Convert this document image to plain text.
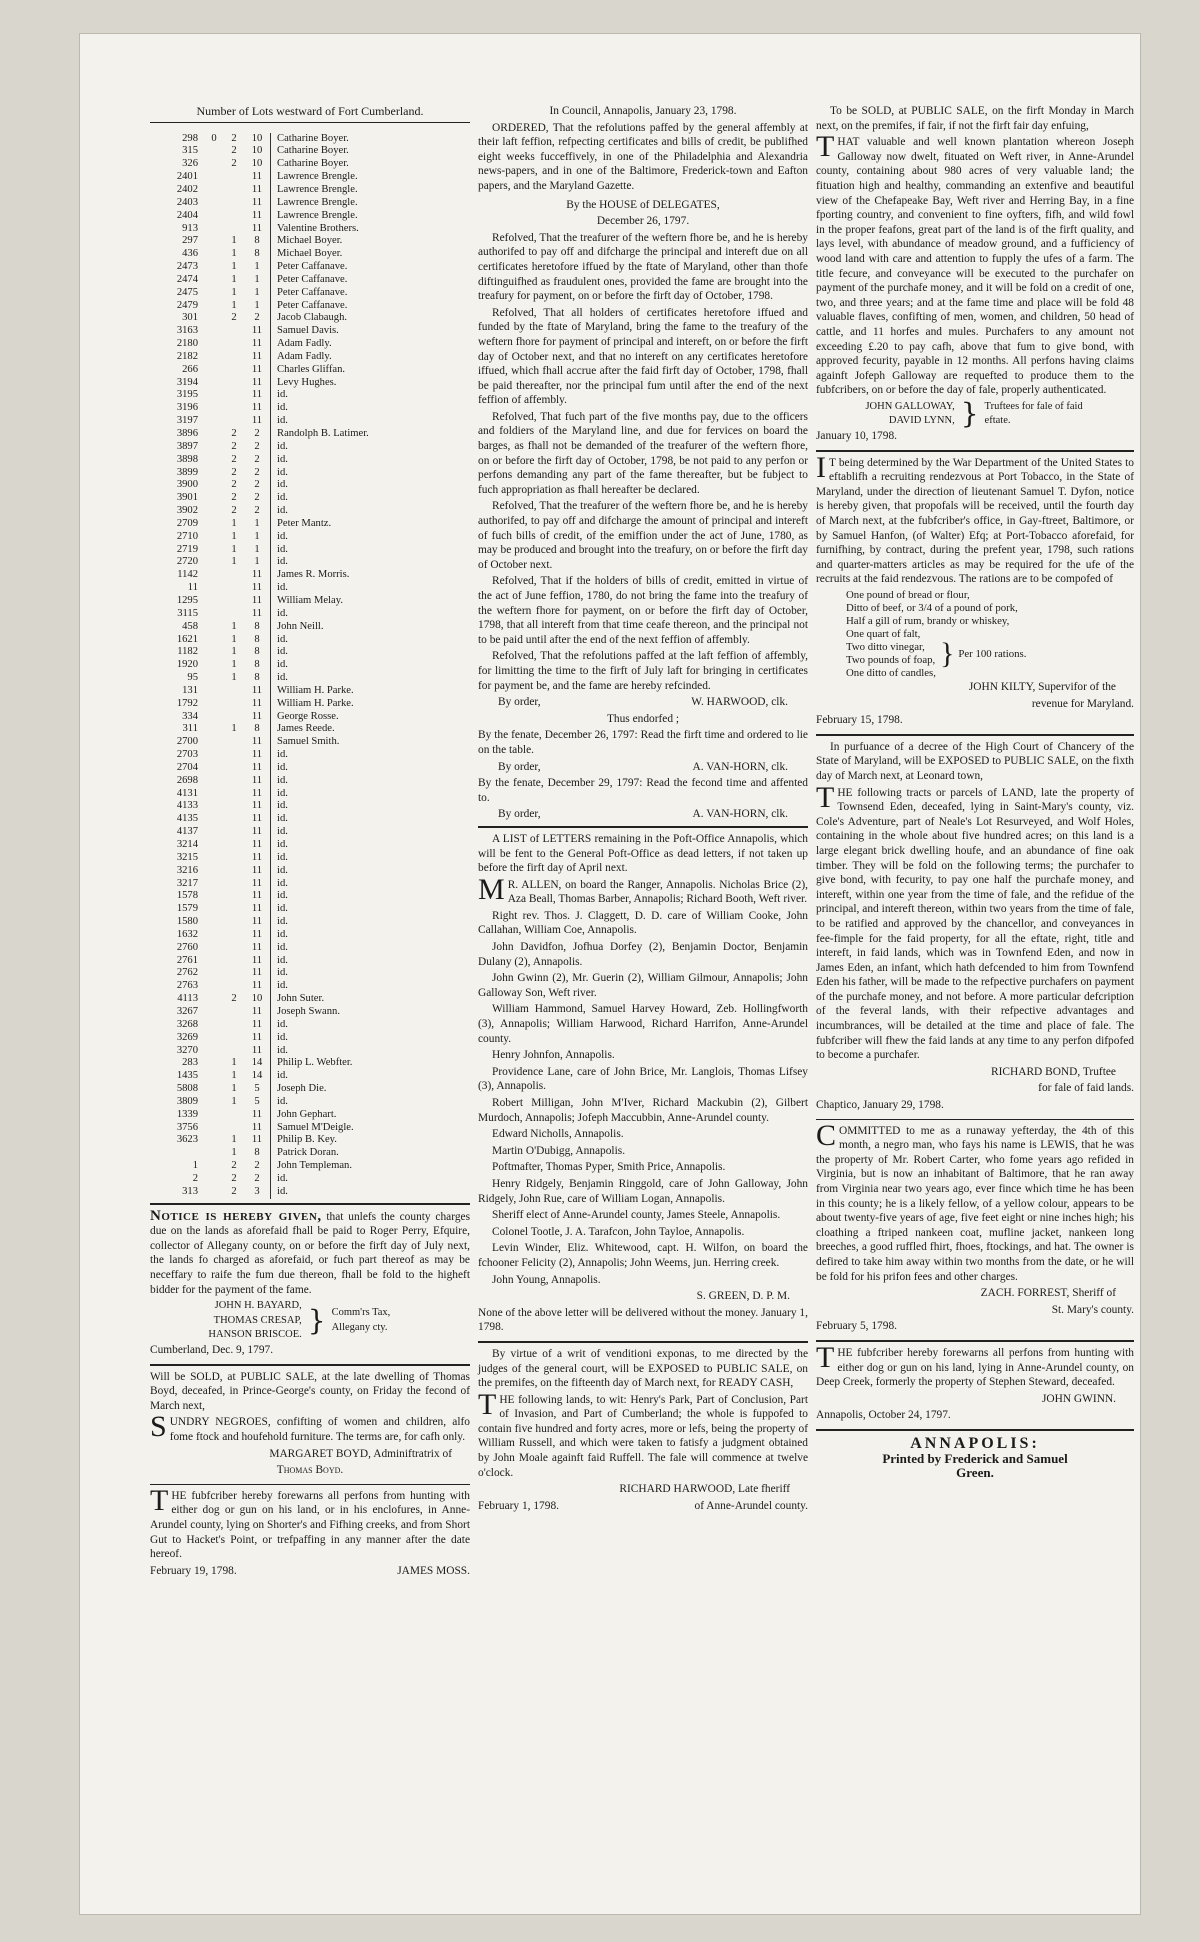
Number of Lots westward of Fort Cumberland.
298	0	2	10	Catharine Boyer.
315		2	10	Catharine Boyer.
326		2	10	Catharine Boyer.
2401			11	Lawrence Brengle.
2402			11	Lawrence Brengle.
2403			11	Lawrence Brengle.
2404			11	Lawrence Brengle.
913			11	Valentine Brothers.
297		1	8	Michael Boyer.
436		1	8	Michael Boyer.
2473		1	1	Peter Caffanave.
2474		1	1	Peter Caffanave.
2475		1	1	Peter Caffanave.
2479		1	1	Peter Caffanave.
301		2	2	Jacob Clabaugh.
3163			11	Samuel Davis.
2180			11	Adam Fadly.
2182			11	Adam Fadly.
266			11	Charles Gliffan.
3194			11	Levy Hughes.
3195			11	id.
3196			11	id.
3197			11	id.
3896		2	2	Randolph B. Latimer.
3897		2	2	id.
3898		2	2	id.
3899		2	2	id.
3900		2	2	id.
3901		2	2	id.
3902		2	2	id.
2709		1	1	Peter Mantz.
2710		1	1	id.
2719		1	1	id.
2720		1	1	id.
1142			11	James R. Morris.
11			11	id.
1295			11	William Melay.
3115			11	id.
458		1	8	John Neill.
1621		1	8	id.
1182		1	8	id.
1920		1	8	id.
95		1	8	id.
131			11	William H. Parke.
1792			11	William H. Parke.
334			11	George Rosse.
311		1	8	James Reede.
2700			11	Samuel Smith.
2703			11	id.
2704			11	id.
2698			11	id.
4131			11	id.
4133			11	id.
4135			11	id.
4137			11	id.
3214			11	id.
3215			11	id.
3216			11	id.
3217			11	id.
1578			11	id.
1579			11	id.
1580			11	id.
1632			11	id.
2760			11	id.
2761			11	id.
2762			11	id.
2763			11	id.
4113		2	10	John Suter.
3267			11	Joseph Swann.
3268			11	id.
3269			11	id.
3270			11	id.
283		1	14	Philip L. Webfter.
1435		1	14	id.
5808		1	5	Joseph Die.
3809		1	5	id.
1339			11	John Gephart.
3756			11	Samuel M'Deigle.
3623		1	11	Philip B. Key.
		1	8	Patrick Doran.
1		2	2	John Templeman.
2		2	2	id.
313		2	3	id.

Notice is hereby given, that unlefs the county charges due on the lands as aforefaid fhall be paid to Roger Perry, Efquire, collector of Allegany county, on or before the firft day of July next, the lands fo charged as aforefaid, or fuch part thereof as may be neceffary to raife the fum due thereon, fhall be fold to the higheft bidder for the payment of the fame.

JOHN H. BAYARD,
THOMAS CRESAP,
HANSON BRISCOE. } Comm'rs Tax, Allegany cty.

Cumberland, Dec. 9, 1797.

Will be SOLD, at PUBLIC SALE, at the late dwelling of Thomas Boyd, deceafed, in Prince-George's county, on Friday the fecond of March next,

SUNDRY NEGROES, confifting of women and children, alfo fome ftock and houfehold furniture. The terms are, for cafh only.

MARGARET BOYD, Adminiftratrix of

Thomas Boyd.

THE fubfcriber hereby forewarns all perfons from hunting with either dog or gun on his land, or in his enclofures, in Anne-Arundel county, lying on Shorter's and Fifhing creeks, and from Short Gut to Hacket's Point, or trefpaffing in any manner after the date hereof.

February 19, 1798.	JAMES MOSS.

In Council, Annapolis, January 23, 1798.

ORDERED, That the refolutions paffed by the general affembly at their laft feffion, refpecting certificates and bills of credit, be publifhed eight weeks fucceffively, in one of the Philadelphia and Alexandria news-papers, and in one of the Baltimore, Frederick-town and Eafton papers, and the Maryland Gazette.

By the HOUSE of DELEGATES,

December 26, 1797.

Refolved, That the treafurer of the weftern fhore be, and he is hereby authorifed to pay off and difcharge the principal and intereft due on all certificates heretofore iffued by the ftate of Maryland, other than thofe diftinguifhed as fraudulent ones, provided the fame are brought into the treafury for payment, on or before the firft day of October, 1798.

Refolved, That all holders of certificates heretofore iffued and funded by the ftate of Maryland, bring the fame to the treafury of the weftern fhore for payment of principal and intereft, on or before the firft day of October next, and that no intereft on any certificates heretofore iffued, which fhall accrue after the faid firft day of October, 1798, fhall be paid thereafter, nor the principal fum until after the end of the next feffion of affembly.

Refolved, That fuch part of the five months pay, due to the officers and foldiers of the Maryland line, and due for fervices on board the barges, as fhall not be demanded of the treafurer of the weftern fhore, on or before the firft day of October, 1798, be not paid to any perfon or perfons demanding any part of the fame thereafter, but be fubject to fuch appropriation as fhall hereafter be declared.

Refolved, That the treafurer of the weftern fhore be, and he is hereby authorifed, to pay off and difcharge the amount of principal and intereft of fuch bills of credit, of the emiffion under the act of June, 1780, as may be produced and brought into the treafury, on or before the firft day of October next.

Refolved, That if the holders of bills of credit, emitted in virtue of the act of June feffion, 1780, do not bring the fame into the treafury of the weftern fhore for payment, on or before the firft day of October, 1798, that all intereft from that time ceafe thereon, and the principal not to be paid until after the end of the next feffion of affembly.

Refolved, That the refolutions paffed at the laft feffion of affembly, for limitting the time to the firft of July laft for bringing in certificates for payment be, and the fame are hereby refcinded.

By order,	W. HARWOOD, clk.

Thus endorfed ;

By the fenate, December 26, 1797: Read the firft time and ordered to lie on the table.

By order,	A. VAN-HORN, clk.

By the fenate, December 29, 1797: Read the fecond time and affented to.

By order,	A. VAN-HORN, clk.

A LIST of LETTERS remaining in the Poft-Office Annapolis, which will be fent to the General Poft-Office as dead letters, if not taken up before the firft day of April next.

MR. ALLEN, on board the Ranger, Annapolis. Nicholas Brice (2), Aza Beall, Thomas Barber, Annapolis; Richard Booth, Weft river.

Right rev. Thos. J. Claggett, D. D. care of William Cooke, John Callahan, William Coe, Annapolis.

John Davidfon, Jofhua Dorfey (2), Benjamin Doctor, Benjamin Dulany (2), Annapolis.

John Gwinn (2), Mr. Guerin (2), William Gilmour, Annapolis; John Galloway Son, Weft river.

William Hammond, Samuel Harvey Howard, Zeb. Hollingfworth (3), Annapolis; William Harwood, Richard Harrifon, Anne-Arundel county.

Henry Johnfon, Annapolis.

Providence Lane, care of John Brice, Mr. Langlois, Thomas Lifsey (3), Annapolis.

Robert Milligan, John M'Iver, Richard Mackubin (2), Gilbert Murdoch, Annapolis; Jofeph Maccubbin, Anne-Arundel county.

Edward Nicholls, Annapolis.

Martin O'Dubigg, Annapolis.

Poftmafter, Thomas Pyper, Smith Price, Annapolis.

Henry Ridgely, Benjamin Ringgold, care of John Galloway, John Ridgely, John Rue, care of William Logan, Annapolis.

Sheriff elect of Anne-Arundel county, James Steele, Annapolis.

Colonel Tootle, J. A. Tarafcon, John Tayloe, Annapolis.

Levin Winder, Eliz. Whitewood, capt. H. Wilfon, on board the fchooner Felicity (2), Annapolis; John Weems, jun. Herring creek.

John Young, Annapolis.

S. GREEN, D. P. M.

None of the above letter will be delivered without the money. January 1, 1798.

By virtue of a writ of venditioni exponas, to me directed by the judges of the general court, will be EXPOSED to PUBLIC SALE, on the premifes, on the fifteenth day of March next, for READY CASH,

THE following lands, to wit: Henry's Park, Part of Conclusion, Part of Invasion, and Part of Cumberland; the whole is fuppofed to contain five hundred and forty acres, more or lefs, being the property of William Russell, and which were taken to fatisfy a judgment obtained by John Moale againft faid Ruffell. The fale will commence at twelve o'clock.

RICHARD HARWOOD, Late fheriff

February 1, 1798.	of Anne-Arundel county.

To be SOLD, at PUBLIC SALE, on the firft Monday in March next, on the premifes, if fair, if not the firft fair day enfuing,

THAT valuable and well known plantation whereon Joseph Galloway now dwelt, fituated on Weft river, in Anne-Arundel county, containing about 980 acres of very valuable land; the fituation high and healthy, commanding an extenfive and beautiful view of the Chefapeake Bay, Weft river and Herring Bay, in a fine fporting country, and convenient to fine oyfters, fifh, and wild fowl in the proper feafons, great part of the land is of the firft quality, and lays level, with abundance of meadow ground, and a fufficiency of wood land with care and attention to fupply the ufes of a farm. The title fecure, and conveyance will be executed to the purchafer on payment of the purchafe money, and it will be fold on a credit of one, two, and three years; and at the fame time and place will be fold 48 valuable flaves, confifting of men, women, and children, 50 head of cattle, and 11 horfes and mules. Purchafers to any amount not exceeding £.20 to pay cafh, above that fum to give bond, with approved fecurity, payable in 12 months. All perfons having claims againft Jofeph Galloway are requefted to produce them to the fubfcribers, on or before the day of fale, properly authenticated.

JOHN GALLOWAY,
DAVID LYNN, } Truftees for fale of faid eftate.

January 10, 1798.

IT being determined by the War Department of the United States to eftablifh a recruiting rendezvous at Port Tobacco, in the State of Maryland, under the direction of lieutenant Samuel T. Dyfon, notice is hereby given, that propofals will be received, until the fourth day of March next, at the fubfcriber's office, in Gay-ftreet, Baltimore, or by Samuel Hanfon, (of Walter) Efq; at Port-Tobacco aforefaid, for furnifhing, by contract, during the prefent year, 1798, such rations and quarter-matters articles as may be required for the ufe of the recruits at the faid rendezvous. The rations are to be compofed of

One pound of bread or flour,
Ditto of beef, or 3/4 of a pound of pork,
Half a gill of rum, brandy or whiskey,
One quart of falt,
Two ditto vinegar,
Two pounds of foap,
One ditto of candles,
} Per 100 rations.

JOHN KILTY, Supervifor of the

revenue for Maryland.

February 15, 1798.

In purfuance of a decree of the High Court of Chancery of the State of Maryland, will be EXPOSED to PUBLIC SALE, on the fixth day of March next, at Leonard town,

THE following tracts or parcels of LAND, late the property of Townsend Eden, deceafed, lying in Saint-Mary's county, viz. Cole's Adventure, part of Neale's Lot Resurveyed, and Wolf Holes, containing in the whole about five hundred acres; on this land is a large elegant brick dwelling houfe, and an abundance of fine oak timber. They will be fold on the following terms; the purchafer to give bond, with fecurity, to pay one half the purchafe money, and intereft, within one year from the time of fale, and the refidue of the principal, and intereft thereon, within two years from the time of fale, to be ratified and approved by the chancellor, and conveyances in fee-fimple for the faid property, for all the eftate, right, title and intereft, in faid lands, which was in Townfend Eden, and now in James Eden, an infant, which hath defcended to him from Townfend Eden his father, will be made to the refpective purchafers on payment of the purchafe money, and not before. A more particular defcription of the feveral lands, with their refpective advantages and incumbrances, will be detailed at the time and place of fale. The fubfcriber will fhew the faid lands at any time to any perfon difpofed to become a purchafer.

RICHARD BOND, Truftee

for fale of faid lands.

Chaptico, January 29, 1798.

COMMITTED to me as a runaway yefterday, the 4th of this month, a negro man, who fays his name is LEWIS, that he was the property of Mr. Robert Carter, who fome years ago refided in Virginia, but is now an inhabitant of Baltimore, that he ran away from Virginia near two years ago, ever fince which time he has been in this county; he is a likely fellow, of a yellow colour, appears to be about twenty-five years of age, five feet eight or nine inches high; his cloathing a ftriped nankeen coat, mufline jacket, nankeen long breeches, a good ruffled fhirt, fhoes, ftockings, and hat. The owner is defired to take him away within two months from the date, or he will be fold for his prifon fees and other charges.

ZACH. FORREST, Sheriff of

St. Mary's county.

February 5, 1798.

THE fubfcriber hereby forewarns all perfons from hunting with either dog or gun on his land, lying in Anne-Arundel county, on Deep Creek, formerly the property of Stephen Steward, deceafed.

JOHN GWINN.

Annapolis, October 24, 1797.

ANNAPOLIS:
Printed by Frederick and Samuel
Green.
